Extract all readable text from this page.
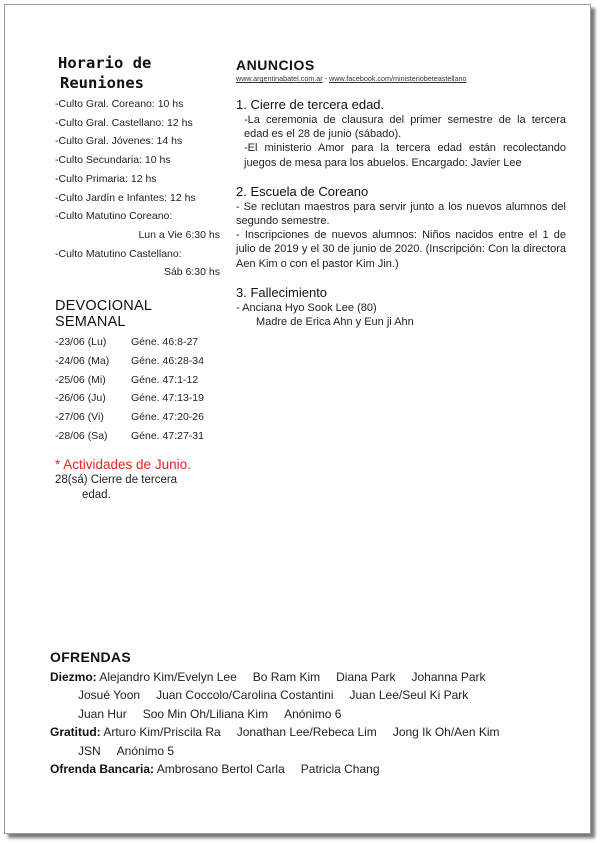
Horario de

Reuniones
-Culto Gral. Coreano: 10 hs
-Culto Gral. Castellano: 12 hs
-Culto Gral. Jóvenes: 14 hs
-Culto Secundaria: 10 hs
-Culto Primaria: 12 hs
-Culto Jardín e Infantes: 12 hs
-Culto Matutino Coreano:
Lun a Vie 6:30 hs
-Culto Matutino Castellano:
Sáb 6:30 hs
DEVOCIONAL SEMANAL
-23/06 (Lu)	Géne. 46:8-27
-24/06 (Ma)	Géne. 46:28-34
-25/06 (Mi)	Géne. 47:1-12
-26/06 (Ju)	Géne. 47:13-19
-27/06 (Vi)	Géne. 47:20-26
-28/06 (Sa)	Géne. 47:27-31
* Actividades de Junio.
28(sá) Cierre de tercera
edad.
ANUNCIOS
www.argentinabatel.com.ar - www.facebook.com/ministeriobeteastellano
1. Cierre de tercera edad.
-La ceremonia de clausura del primer semestre de la tercera edad es el 28 de junio (sábado).
-El ministerio Amor para la tercera edad están recolectando juegos de mesa para los abuelos. Encargado: Javier Lee
2. Escuela de Coreano
- Se reclutan maestros para servir junto a los nuevos alumnos del segundo semestre.
- Inscripciones de nuevos alumnos: Niños nacidos entre el 1 de julio de 2019 y el 30 de junio de 2020. (Inscripción: Con la directora Aen Kim o con el pastor Kim Jin.)
3. Fallecimiento
- Anciana Hyo Sook Lee (80)
Madre de Erica Ahn y Eun ji Ahn
OFRENDAS
Diezmo: Alejandro Kim/Evelyn Lee Bo Ram Kim Diana Park Johanna Park
Josué Yoon Juan Coccolo/Carolina Costantini Juan Lee/Seul Ki Park
Juan Hur Soo Min Oh/Liliana Kim Anónimo 6
Gratitud: Arturo Kim/Priscila Ra Jonathan Lee/Rebeca Lim Jong Ik Oh/Aen Kim
JSN Anónimo 5
Ofrenda Bancaria: Ambrosano Bertol Carla Patricia Chang
